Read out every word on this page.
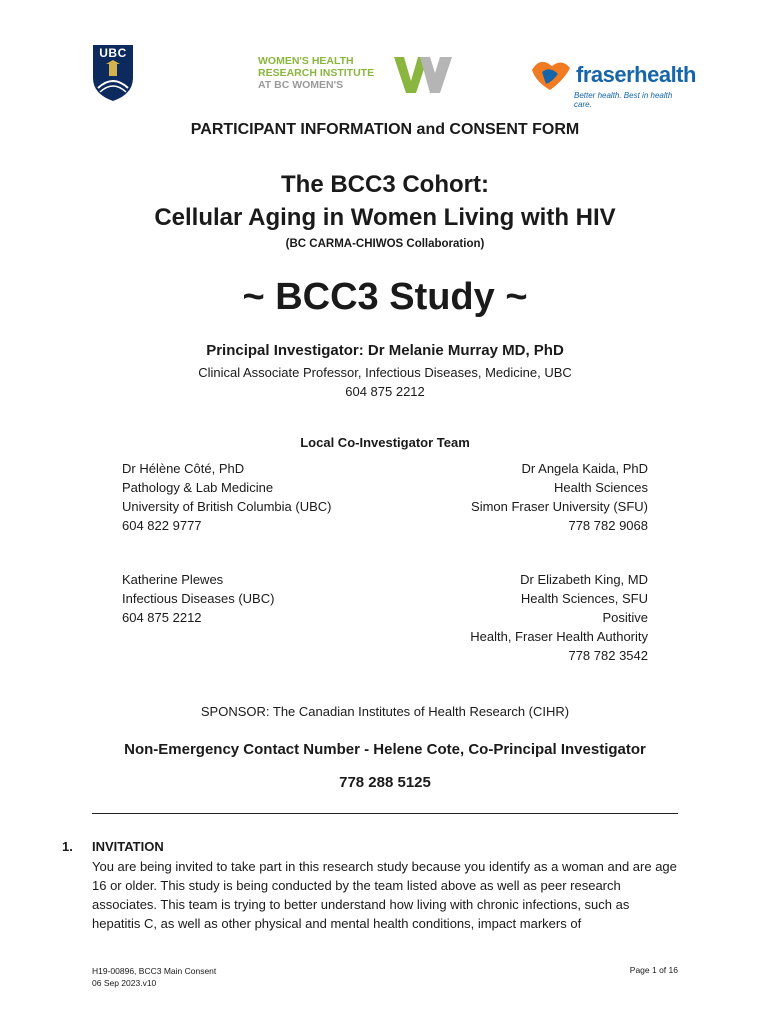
UBC
WOMEN'S HEALTH
RESEARCH INSTITUTE
AT BC WOMEN'S	fraserhealth
Better health. Best in health care.
PARTICIPANT INFORMATION and CONSENT FORM
The BCC3 Cohort:
Cellular Aging in Women Living with HIV
(BC CARMA-CHIWOS Collaboration)
~ BCC3 Study ~
Principal Investigator: Dr Melanie Murray MD, PhD
Clinical Associate Professor, Infectious Diseases, Medicine, UBC
604 875 2212
Local Co-Investigator Team
Dr Hélène Côté, PhD
Pathology & Lab Medicine
University of British Columbia (UBC)
604 822 9777
Dr Angela Kaida, PhD
Health Sciences
Simon Fraser University (SFU)
778 782 9068
Katherine Plewes
Infectious Diseases (UBC)
604 875 2212
Dr Elizabeth King, MD
Health Sciences, SFU
Positive
Health, Fraser Health Authority
778 782 3542
SPONSOR: The Canadian Institutes of Health Research (CIHR)
Non-Emergency Contact Number - Helene Cote, Co-Principal Investigator
778 288 5125
1. INVITATION
You are being invited to take part in this research study because you identify as a woman and are age 16 or older. This study is being conducted by the team listed above as well as peer research associates. This team is trying to better understand how living with chronic infections, such as hepatitis C, as well as other physical and mental health conditions, impact markers of
H19-00896, BCC3 Main Consent
06 Sep 2023.v10
Page 1 of 16
